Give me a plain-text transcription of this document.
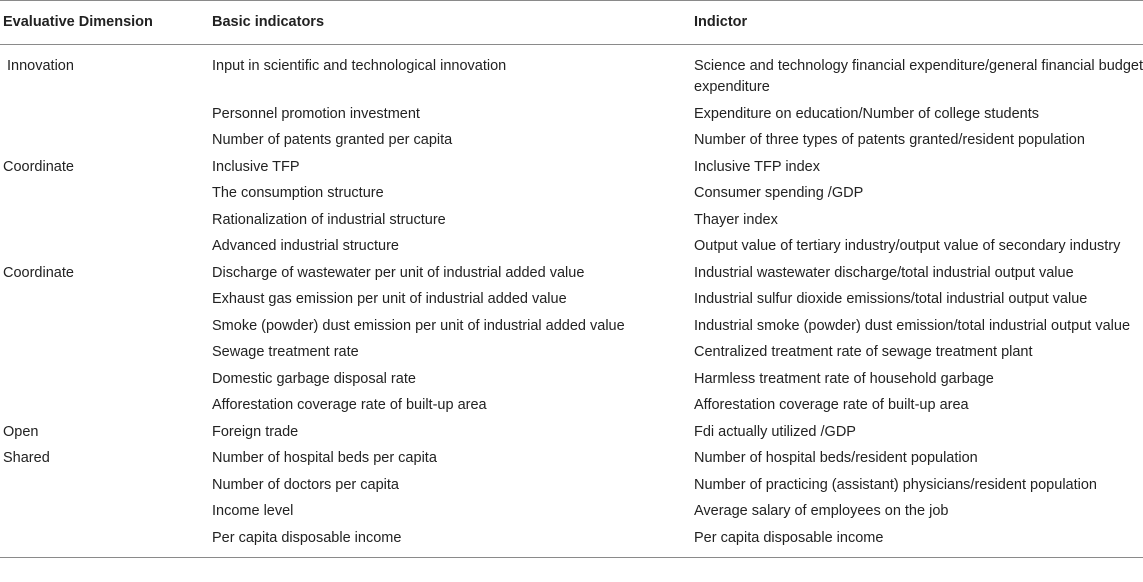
Evaluative Dimension	Basic indicators	Indictor
Innovation	Input in scientific and technological innovation	Science and technology financial expenditure/general financial budget expenditure
	Personnel promotion investment	Expenditure on education/Number of college students
	Number of patents granted per capita	Number of three types of patents granted/resident population
Coordinate	Inclusive TFP	Inclusive TFP index
	The consumption structure	Consumer spending /GDP
	Rationalization of industrial structure	Thayer index
	Advanced industrial structure	Output value of tertiary industry/output value of secondary industry
Coordinate	Discharge of wastewater per unit of industrial added value	Industrial wastewater discharge/total industrial output value
	Exhaust gas emission per unit of industrial added value	Industrial sulfur dioxide emissions/total industrial output value
	Smoke (powder) dust emission per unit of industrial added value	Industrial smoke (powder) dust emission/total industrial output value
	Sewage treatment rate	Centralized treatment rate of sewage treatment plant
	Domestic garbage disposal rate	Harmless treatment rate of household garbage
	Afforestation coverage rate of built-up area	Afforestation coverage rate of built-up area
Open	Foreign trade	Fdi actually utilized /GDP
Shared	Number of hospital beds per capita	Number of hospital beds/resident population
	Number of doctors per capita	Number of practicing (assistant) physicians/resident population
	Income level	Average salary of employees on the job
	Per capita disposable income	Per capita disposable income
